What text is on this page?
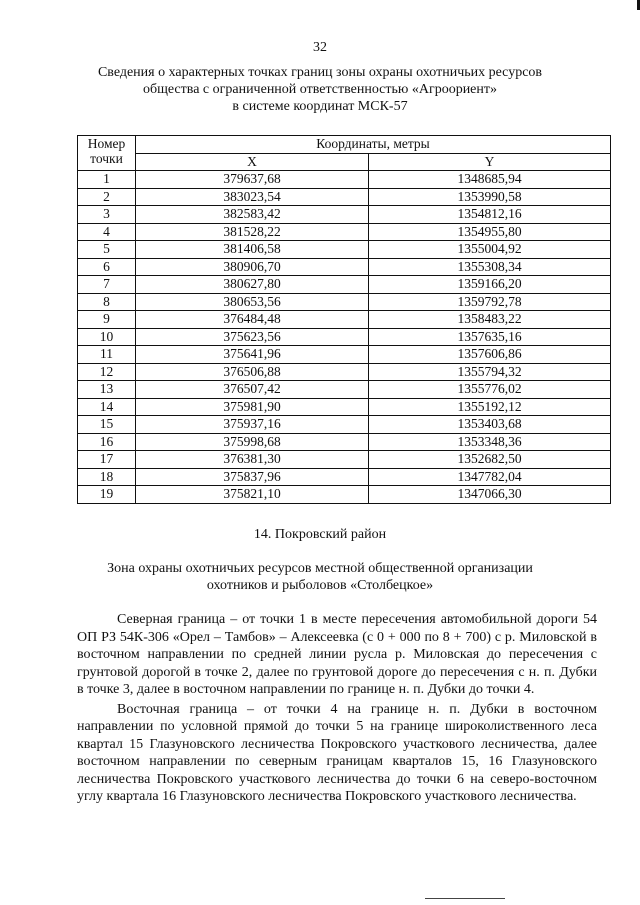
32
Сведения о характерных точках границ зоны охраны охотничьих ресурсов
общества с ограниченной ответственностью «Агроориент»
в системе координат МСК-57
Номер
точки	Координаты, метры	
	X	Y
1	379637,68	1348685,94
2	383023,54	1353990,58
3	382583,42	1354812,16
4	381528,22	1354955,80
5	381406,58	1355004,92
6	380906,70	1355308,34
7	380627,80	1359166,20
8	380653,56	1359792,78
9	376484,48	1358483,22
10	375623,56	1357635,16
11	375641,96	1357606,86
12	376506,88	1355794,32
13	376507,42	1355776,02
14	375981,90	1355192,12
15	375937,16	1353403,68
16	375998,68	1353348,36
17	376381,30	1352682,50
18	375837,96	1347782,04
19	375821,10	1347066,30
14. Покровский район
Зона охраны охотничьих ресурсов местной общественной организации
охотников и рыболовов «Столбецкое»

Северная граница – от точки 1 в месте пересечения автомобильной дороги 54 ОП РЗ 54К-306 «Орел – Тамбов» – Алексеевка (с 0 + 000 по 8 + 700) с р. Миловской в восточном направлении по средней линии русла р. Миловская до пересечения с грунтовой дорогой в точке 2, далее по грунтовой дороге до пересечения с н. п. Дубки в точке 3, далее в восточном направлении по границе н. п. Дубки до точки 4.

Восточная граница – от точки 4 на границе н. п. Дубки в восточном направлении по условной прямой до точки 5 на границе широколиственного леса квартал 15 Глазуновского лесничества Покровского участкового лесничества, далее восточном направлении по северным границам кварталов 15, 16 Глазуновского лесничества Покровского участкового лесничества до точки 6 на северо-восточном углу квартала 16 Глазуновского лесничества Покровского участкового лесничества.
